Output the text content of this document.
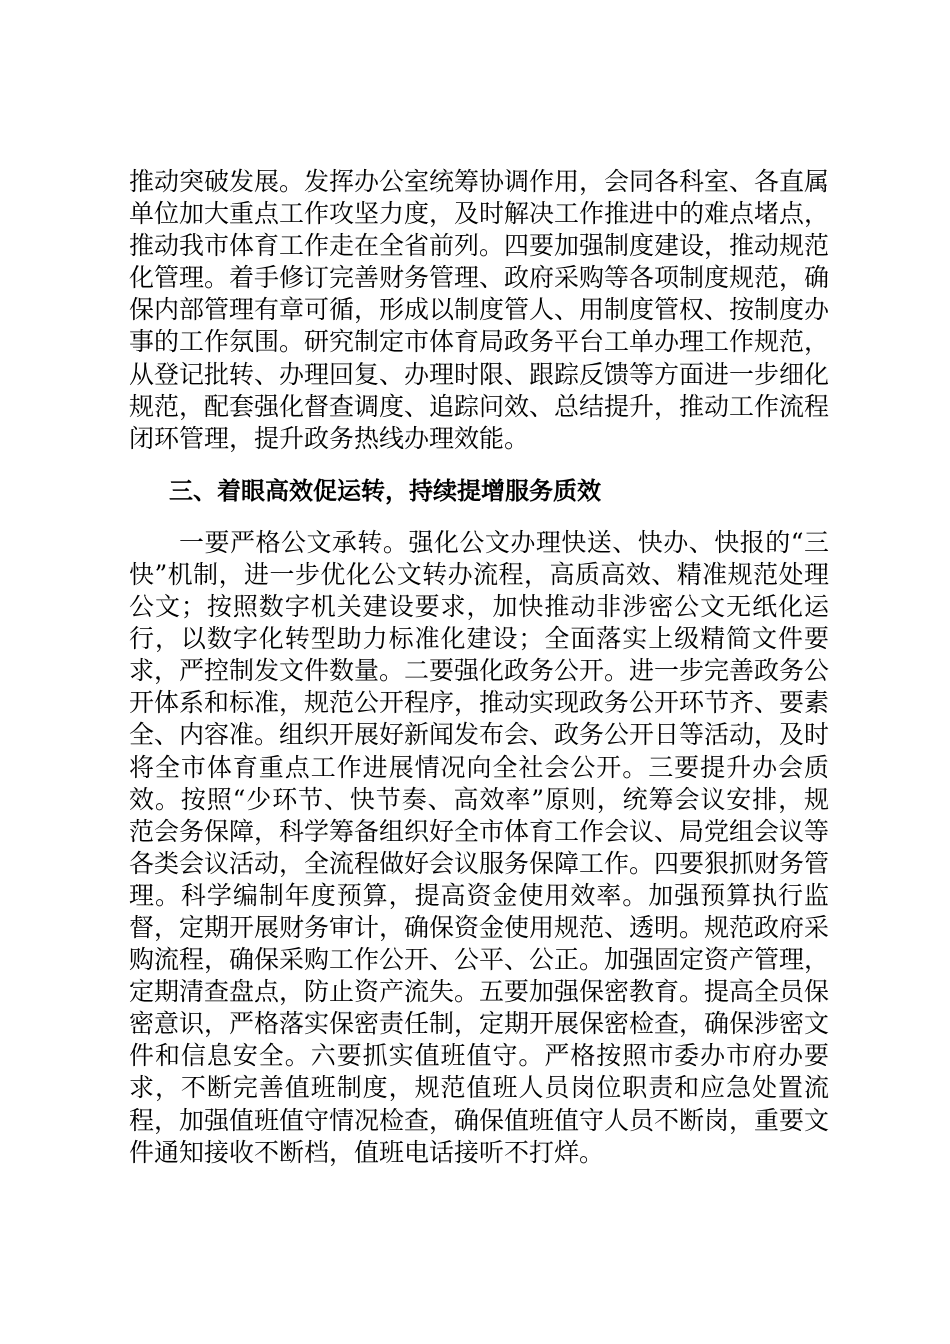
推动突破发展。发挥办公室统筹协调作用，会同各科室、各直属单位加大重点工作攻坚力度，及时解决工作推进中的难点堵点，推动我市体育工作走在全省前列。四要加强制度建设，推动规范化管理。着手修订完善财务管理、政府采购等各项制度规范，确保内部管理有章可循，形成以制度管人、用制度管权、按制度办事的工作氛围。研究制定市体育局政务平台工单办理工作规范，从登记批转、办理回复、办理时限、跟踪反馈等方面进一步细化规范，配套强化督查调度、追踪问效、总结提升，推动工作流程闭环管理，提升政务热线办理效能。

三、着眼高效促运转，持续提增服务质效

一要严格公文承转。强化公文办理快送、快办、快报的“三快”机制，进一步优化公文转办流程，高质高效、精准规范处理公文；按照数字机关建设要求，加快推动非涉密公文无纸化运行，以数字化转型助力标准化建设；全面落实上级精简文件要求，严控制发文件数量。二要强化政务公开。进一步完善政务公开体系和标准，规范公开程序，推动实现政务公开环节齐、要素全、内容准。组织开展好新闻发布会、政务公开日等活动，及时将全市体育重点工作进展情况向全社会公开。三要提升办会质效。按照“少环节、快节奏、高效率”原则，统筹会议安排，规范会务保障，科学筹备组织好全市体育工作会议、局党组会议等各类会议活动，全流程做好会议服务保障工作。四要狠抓财务管理。科学编制年度预算，提高资金使用效率。加强预算执行监督，定期开展财务审计，确保资金使用规范、透明。规范政府采购流程，确保采购工作公开、公平、公正。加强固定资产管理，定期清查盘点，防止资产流失。五要加强保密教育。提高全员保密意识，严格落实保密责任制，定期开展保密检查，确保涉密文件和信息安全。六要抓实值班值守。严格按照市委办市府办要求，不断完善值班制度，规范值班人员岗位职责和应急处置流程，加强值班值守情况检查，确保值班值守人员不断岗，重要文件通知接收不断档，值班电话接听不打烊。
